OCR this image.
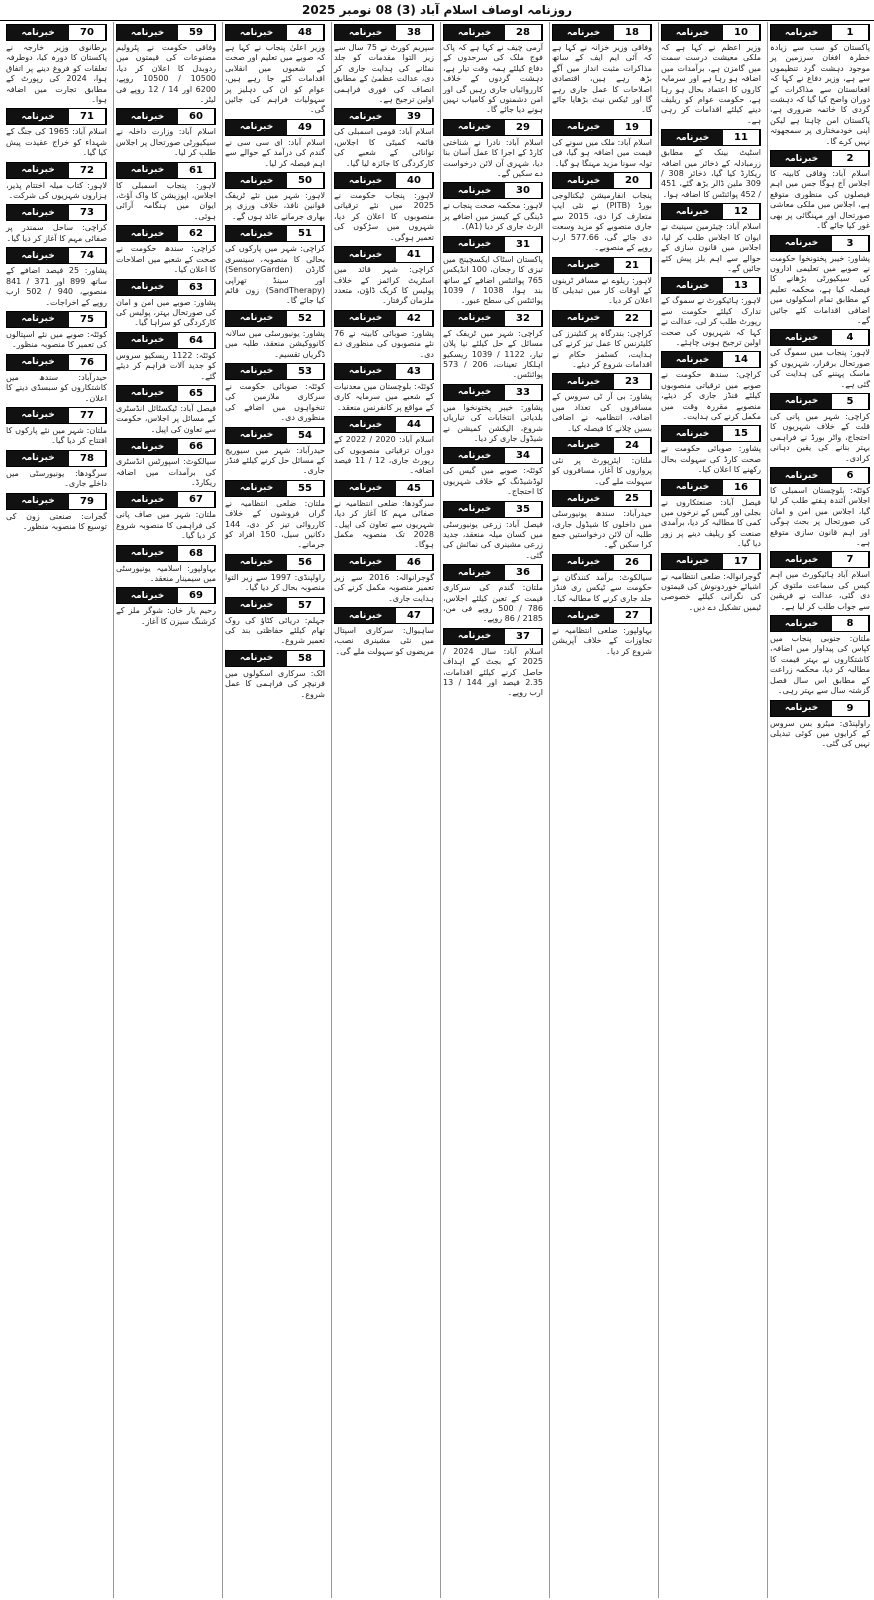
روزنامہ اوصاف اسلام آباد (3) 08 نومبر 2025
1
خبرنامہ
پاکستان کو سب سے زیادہ خطرہ افغان سرزمین پر موجود دہشت گرد تنظیموں سے ہے، وزیر دفاع نے کہا کہ افغانستان سے مذاکرات کے دوران واضح کیا گیا کہ دہشت گردی کا خاتمہ ضروری ہے، پاکستان امن چاہتا ہے لیکن اپنی خودمختاری پر سمجھوتہ نہیں کرے گا۔
2
خبرنامہ
اسلام آباد: وفاقی کابینہ کا اجلاس آج ہوگا جس میں اہم فیصلوں کی منظوری متوقع ہے، اجلاس میں ملکی معاشی صورتحال اور مہنگائی پر بھی غور کیا جائے گا۔
3
خبرنامہ
پشاور: خیبر پختونخوا حکومت نے صوبے میں تعلیمی اداروں کی سیکیورٹی بڑھانے کا فیصلہ کیا ہے، محکمہ تعلیم کے مطابق تمام اسکولوں میں اضافی اقدامات کئے جائیں گے۔
4
خبرنامہ
لاہور: پنجاب میں سموگ کی صورتحال برقرار، شہریوں کو ماسک پہننے کی ہدایت کی گئی ہے۔
5
خبرنامہ
کراچی: شہر میں پانی کی قلت کے خلاف شہریوں کا احتجاج، واٹر بورڈ نے فراہمی بہتر بنانے کی یقین دہانی کرادی۔
6
خبرنامہ
کوئٹہ: بلوچستان اسمبلی کا اجلاس آئندہ ہفتے طلب کر لیا گیا، اجلاس میں امن و امان کی صورتحال پر بحث ہوگی اور اہم قانون سازی متوقع ہے۔
7
خبرنامہ
اسلام آباد ہائیکورٹ میں اہم کیس کی سماعت ملتوی کر دی گئی، عدالت نے فریقین سے جواب طلب کر لیا ہے۔
8
خبرنامہ
ملتان: جنوبی پنجاب میں کپاس کی پیداوار میں اضافہ، کاشتکاروں نے بہتر قیمت کا مطالبہ کر دیا، محکمہ زراعت کے مطابق اس سال فصل گزشتہ سال سے بہتر رہی۔
9
خبرنامہ
راولپنڈی: میٹرو بس سروس کے کرایوں میں کوئی تبدیلی نہیں کی گئی۔
10
خبرنامہ
وزیر اعظم نے کہا ہے کہ ملکی معیشت درست سمت میں گامزن ہے، برآمدات میں اضافہ ہو رہا ہے اور سرمایہ کاروں کا اعتماد بحال ہو رہا ہے، حکومت عوام کو ریلیف دینے کیلئے اقدامات کر رہی ہے۔
11
خبرنامہ
اسٹیٹ بینک کے مطابق زرمبادلہ کے ذخائر میں اضافہ ریکارڈ کیا گیا، ذخائر 308 / 309 ملین ڈالر بڑھ گئے، 451 / 452 پوائنٹس کا اضافہ ہوا۔
12
خبرنامہ
اسلام آباد: چیئرمین سینیٹ نے ایوان کا اجلاس طلب کر لیا، اجلاس میں قانون سازی کے حوالے سے اہم بلز پیش کئے جائیں گے۔
13
خبرنامہ
لاہور: ہائیکورٹ نے سموگ کے تدارک کیلئے حکومت سے رپورٹ طلب کر لی، عدالت نے کہا کہ شہریوں کی صحت اولین ترجیح ہونی چاہئے۔
14
خبرنامہ
کراچی: سندھ حکومت نے صوبے میں ترقیاتی منصوبوں کیلئے فنڈز جاری کر دیئے، منصوبے مقررہ وقت میں مکمل کرنے کی ہدایت۔
15
خبرنامہ
پشاور: صوبائی حکومت نے صحت کارڈ کی سہولت بحال رکھنے کا اعلان کیا۔
16
خبرنامہ
فیصل آباد: صنعتکاروں نے بجلی اور گیس کے نرخوں میں کمی کا مطالبہ کر دیا، برآمدی صنعت کو ریلیف دینے پر زور دیا گیا۔
17
خبرنامہ
گوجرانوالہ: ضلعی انتظامیہ نے اشیائے خوردونوش کی قیمتوں کی نگرانی کیلئے خصوصی ٹیمیں تشکیل دے دیں۔
18
خبرنامہ
وفاقی وزیر خزانہ نے کہا ہے کہ آئی ایم ایف کے ساتھ مذاکرات مثبت انداز میں آگے بڑھ رہے ہیں، اقتصادی اصلاحات کا عمل جاری رہے گا اور ٹیکس نیٹ بڑھایا جائے گا۔
19
خبرنامہ
اسلام آباد: ملک میں سونے کی قیمت میں اضافہ ہو گیا، فی تولہ سونا مزید مہنگا ہو گیا۔
20
خبرنامہ
پنجاب انفارمیشن ٹیکنالوجی بورڈ (PITB) نے نئی ایپ متعارف کرا دی، 2015 سے جاری منصوبے کو مزید وسعت دی جائے گی، 577.66 ارب روپے کے منصوبے۔
21
خبرنامہ
لاہور: ریلوے نے مسافر ٹرینوں کے اوقات کار میں تبدیلی کا اعلان کر دیا۔
22
خبرنامہ
کراچی: بندرگاہ پر کنٹینرز کی کلیئرنس کا عمل تیز کرنے کی ہدایت، کسٹمز حکام نے اقدامات شروع کر دیئے۔
23
خبرنامہ
پشاور: بی آر ٹی سروس کے مسافروں کی تعداد میں اضافہ، انتظامیہ نے اضافی بسیں چلانے کا فیصلہ کیا۔
24
خبرنامہ
ملتان: ایئرپورٹ پر نئی پروازوں کا آغاز، مسافروں کو سہولت ملے گی۔
25
خبرنامہ
حیدرآباد: سندھ یونیورسٹی میں داخلوں کا شیڈول جاری، طلبہ آن لائن درخواستیں جمع کرا سکیں گے۔
26
خبرنامہ
سیالکوٹ: برآمد کنندگان نے حکومت سے ٹیکس ری فنڈز جلد جاری کرنے کا مطالبہ کیا۔
27
خبرنامہ
بہاولپور: ضلعی انتظامیہ نے تجاوزات کے خلاف آپریشن شروع کر دیا۔
28
خبرنامہ
آرمی چیف نے کہا ہے کہ پاک فوج ملک کی سرحدوں کے دفاع کیلئے ہمہ وقت تیار ہے، دہشت گردوں کے خلاف کارروائیاں جاری رہیں گی اور امن دشمنوں کو کامیاب نہیں ہونے دیا جائے گا۔
29
خبرنامہ
اسلام آباد: نادرا نے شناختی کارڈ کے اجرا کا عمل آسان بنا دیا، شہری آن لائن درخواست دے سکیں گے۔
30
خبرنامہ
لاہور: محکمہ صحت پنجاب نے ڈینگی کے کیسز میں اضافے پر الرٹ جاری کر دیا (A1)۔
31
خبرنامہ
پاکستان اسٹاک ایکسچینج میں تیزی کا رجحان، 100 انڈیکس 765 پوائنٹس اضافے کے ساتھ بند ہوا، 1038 / 1039 پوائنٹس کی سطح عبور۔
32
خبرنامہ
کراچی: شہر میں ٹریفک کے مسائل کے حل کیلئے نیا پلان تیار، 1122 / 1039 ریسکیو اہلکار تعینات، 206 / 573 پوائنٹس۔
33
خبرنامہ
پشاور: خیبر پختونخوا میں بلدیاتی انتخابات کی تیاریاں شروع، الیکشن کمیشن نے شیڈول جاری کر دیا۔
34
خبرنامہ
کوئٹہ: صوبے میں گیس کی لوڈشیڈنگ کے خلاف شہریوں کا احتجاج۔
35
خبرنامہ
فیصل آباد: زرعی یونیورسٹی میں کسان میلہ منعقد، جدید زرعی مشینری کی نمائش کی گئی۔
36
خبرنامہ
ملتان: گندم کی سرکاری قیمت کے تعین کیلئے اجلاس، 786 / 500 روپے فی من، 2185 / 86 روپے۔
37
خبرنامہ
اسلام آباد: سال 2024 / 2025 کے بجٹ کے اہداف حاصل کرنے کیلئے اقدامات، 2.35 فیصد اور 144 / 13 ارب روپے۔
38
خبرنامہ
سپریم کورٹ نے 75 سال سے زیر التوا مقدمات کو جلد نمٹانے کی ہدایت جاری کر دی، عدالت عظمیٰ کے مطابق انصاف کی فوری فراہمی اولین ترجیح ہے۔
39
خبرنامہ
اسلام آباد: قومی اسمبلی کی قائمہ کمیٹی کا اجلاس، توانائی کے شعبے کی کارکردگی کا جائزہ لیا گیا۔
40
خبرنامہ
لاہور: پنجاب حکومت نے 2025 میں نئے ترقیاتی منصوبوں کا اعلان کر دیا، شہروں میں سڑکوں کی تعمیر ہوگی۔
41
خبرنامہ
کراچی: شہر قائد میں اسٹریٹ کرائمز کے خلاف پولیس کا کریک ڈاؤن، متعدد ملزمان گرفتار۔
42
خبرنامہ
پشاور: صوبائی کابینہ نے 76 نئے منصوبوں کی منظوری دے دی۔
43
خبرنامہ
کوئٹہ: بلوچستان میں معدنیات کے شعبے میں سرمایہ کاری کے مواقع پر کانفرنس منعقد۔
44
خبرنامہ
اسلام آباد: 2020 / 2022 کے دوران ترقیاتی منصوبوں کی رپورٹ جاری، 12 / 11 فیصد اضافہ۔
45
خبرنامہ
سرگودھا: ضلعی انتظامیہ نے صفائی مہم کا آغاز کر دیا، شہریوں سے تعاون کی اپیل۔ 2028 تک منصوبہ مکمل ہوگا۔
46
خبرنامہ
گوجرانوالہ: 2016 سے زیر تعمیر منصوبہ مکمل کرنے کی ہدایت جاری۔
47
خبرنامہ
ساہیوال: سرکاری اسپتال میں نئی مشینری نصب، مریضوں کو سہولت ملے گی۔
48
خبرنامہ
وزیر اعلیٰ پنجاب نے کہا ہے کہ صوبے میں تعلیم اور صحت کے شعبوں میں انقلابی اقدامات کئے جا رہے ہیں، عوام کو ان کی دہلیز پر سہولیات فراہم کی جائیں گی۔
49
خبرنامہ
اسلام آباد: ای سی سی نے گندم کی درآمد کے حوالے سے اہم فیصلہ کر لیا۔
50
خبرنامہ
لاہور: شہر میں نئے ٹریفک قوانین نافذ، خلاف ورزی پر بھاری جرمانے عائد ہوں گے۔
51
خبرنامہ
کراچی: شہر میں پارکوں کی بحالی کا منصوبہ، سینسری گارڈن (SensoryGarden) اور سینڈ تھراپی (SandTherapy) زون قائم کیا جائے گا۔
52
خبرنامہ
پشاور: یونیورسٹی میں سالانہ کانووکیشن منعقد، طلبہ میں ڈگریاں تقسیم۔
53
خبرنامہ
کوئٹہ: صوبائی حکومت نے سرکاری ملازمین کی تنخواہوں میں اضافے کی منظوری دی۔
54
خبرنامہ
حیدرآباد: شہر میں سیوریج کے مسائل حل کرنے کیلئے فنڈز جاری۔
55
خبرنامہ
ملتان: ضلعی انتظامیہ نے گراں فروشوں کے خلاف کارروائی تیز کر دی، 144 دکانیں سیل، 150 افراد کو جرمانے۔
56
خبرنامہ
راولپنڈی: 1997 سے زیر التوا منصوبہ بحال کر دیا گیا۔
57
خبرنامہ
جہلم: دریائی کٹاؤ کی روک تھام کیلئے حفاظتی بند کی تعمیر شروع۔
58
خبرنامہ
اٹک: سرکاری اسکولوں میں فرنیچر کی فراہمی کا عمل شروع۔
59
خبرنامہ
وفاقی حکومت نے پٹرولیم مصنوعات کی قیمتوں میں ردوبدل کا اعلان کر دیا، 10500 / 10500 روپے، 6200 اور 14 / 12 روپے فی لیٹر۔
60
خبرنامہ
اسلام آباد: وزارت داخلہ نے سیکیورٹی صورتحال پر اجلاس طلب کر لیا۔
61
خبرنامہ
لاہور: پنجاب اسمبلی کا اجلاس، اپوزیشن کا واک آؤٹ، ایوان میں ہنگامہ آرائی ہوئی۔
62
خبرنامہ
کراچی: سندھ حکومت نے صحت کے شعبے میں اصلاحات کا اعلان کیا۔
63
خبرنامہ
پشاور: صوبے میں امن و امان کی صورتحال بہتر، پولیس کی کارکردگی کو سراہا گیا۔
64
خبرنامہ
کوئٹہ: 1122 ریسکیو سروس کو جدید آلات فراہم کر دیئے گئے۔
65
خبرنامہ
فیصل آباد: ٹیکسٹائل انڈسٹری کے مسائل پر اجلاس، حکومت سے تعاون کی اپیل۔
66
خبرنامہ
سیالکوٹ: اسپورٹس انڈسٹری کی برآمدات میں اضافہ ریکارڈ۔
67
خبرنامہ
ملتان: شہر میں صاف پانی کی فراہمی کا منصوبہ شروع کر دیا گیا۔
68
خبرنامہ
بہاولپور: اسلامیہ یونیورسٹی میں سیمینار منعقد۔
69
خبرنامہ
رحیم یار خان: شوگر ملز کے کرشنگ سیزن کا آغاز۔
70
خبرنامہ
برطانوی وزیر خارجہ نے پاکستان کا دورہ کیا، دوطرفہ تعلقات کو فروغ دینے پر اتفاق ہوا، 2024 کی رپورٹ کے مطابق تجارت میں اضافہ ہوا۔
71
خبرنامہ
اسلام آباد: 1965 کی جنگ کے شہداء کو خراج عقیدت پیش کیا گیا۔
72
خبرنامہ
لاہور: کتاب میلہ اختتام پذیر، ہزاروں شہریوں کی شرکت۔
73
خبرنامہ
کراچی: ساحل سمندر پر صفائی مہم کا آغاز کر دیا گیا۔
74
خبرنامہ
پشاور: 25 فیصد اضافے کے ساتھ 899 اور 371 / 841 منصوبے، 940 / 502 ارب روپے کے اخراجات۔
75
خبرنامہ
کوئٹہ: صوبے میں نئے اسپتالوں کی تعمیر کا منصوبہ منظور۔
76
خبرنامہ
حیدرآباد: سندھ میں کاشتکاروں کو سبسڈی دینے کا اعلان۔
77
خبرنامہ
ملتان: شہر میں نئے پارکوں کا افتتاح کر دیا گیا۔
78
خبرنامہ
سرگودھا: یونیورسٹی میں داخلے جاری۔
79
خبرنامہ
گجرات: صنعتی زون کی توسیع کا منصوبہ منظور۔
